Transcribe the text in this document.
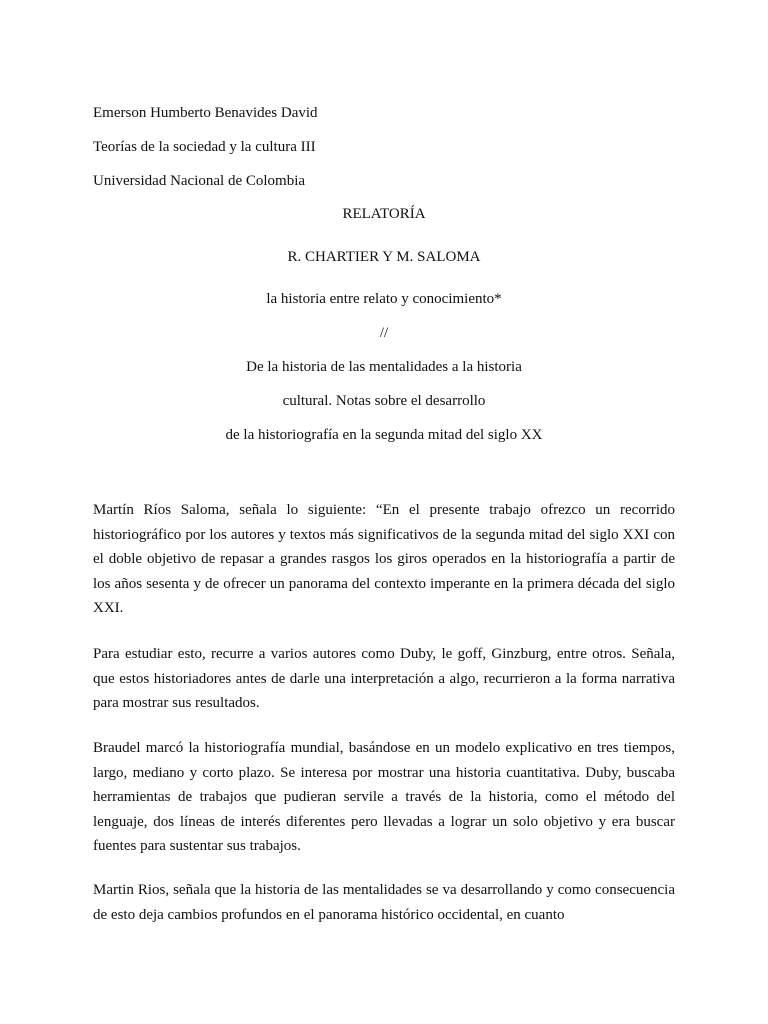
Emerson Humberto Benavides David
Teorías de la sociedad y la cultura III
Universidad Nacional de Colombia
RELATORÍA
R. CHARTIER Y M. SALOMA
la historia entre relato y conocimiento*
//
De la historia de las mentalidades a la historia
cultural. Notas sobre el desarrollo
de la historiografía en la segunda mitad del siglo XX
Martín Ríos Saloma, señala lo siguiente: “En el presente trabajo ofrezco un recorrido historiográfico por los autores y textos más significativos de la segunda mitad del siglo XXI con el doble objetivo de repasar a grandes rasgos los giros operados en la historiografía a partir de los años sesenta y de ofrecer un panorama del contexto imperante en la primera década del siglo XXI.
Para estudiar esto, recurre a varios autores como Duby, le goff, Ginzburg, entre otros. Señala, que estos historiadores antes de darle una interpretación a algo, recurrieron a la forma narrativa para mostrar sus resultados.
Braudel marcó la historiografía mundial, basándose en un modelo explicativo en tres tiempos, largo, mediano y corto plazo. Se interesa por mostrar una historia cuantitativa. Duby, buscaba herramientas de trabajos que pudieran servile a través de la historia, como el método del lenguaje, dos líneas de interés diferentes pero llevadas a lograr un solo objetivo y era buscar fuentes para sustentar sus trabajos.
Martin Rios, señala que la historia de las mentalidades se va desarrollando y como consecuencia de esto deja cambios profundos en el panorama histórico occidental, en cuanto
